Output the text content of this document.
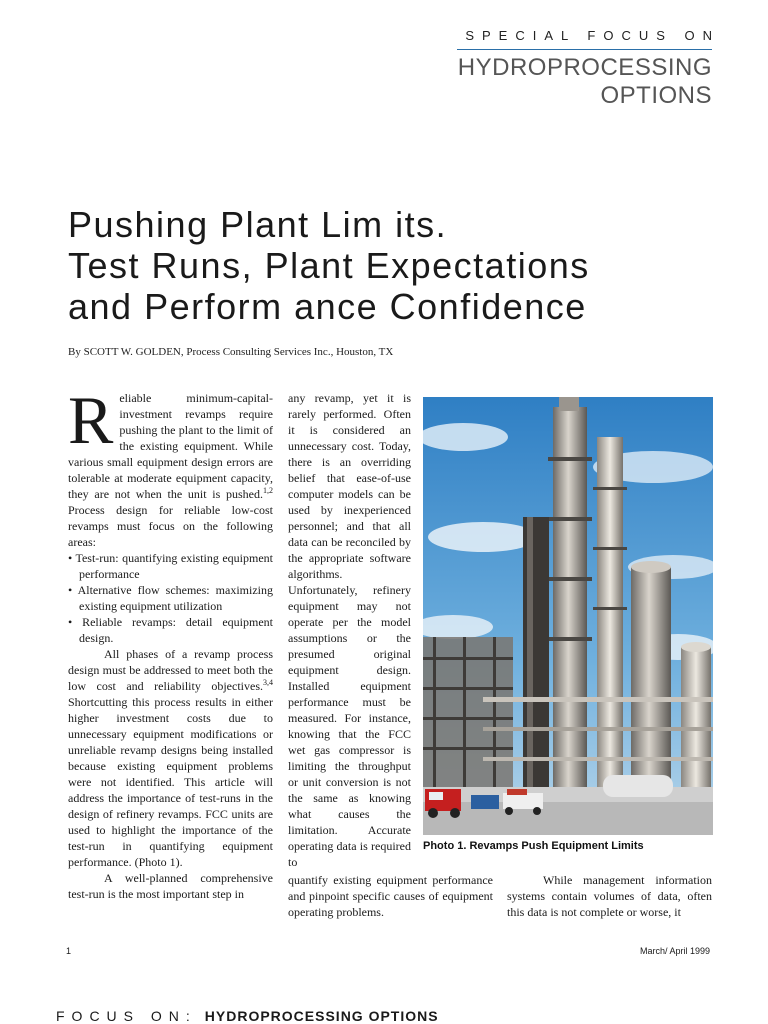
SPECIAL FOCUS ON
HYDROPROCESSING
OPTIONS
Pushing Plant Lim its.
Test Runs, Plant Expectations
and Perform ance Confidence
By SCOTT W. GOLDEN, Process Consulting Services Inc., Houston, TX

Reliable minimum-capital-investment revamps require pushing the plant to the limit of the existing equipment. While various small equipment design errors are tolerable at moderate equipment capacity, they are not when the unit is pushed.$^{1,2}$ Process design for reliable low-cost revamps must focus on the following areas:

• Test-run: quantifying existing equipment performance
• Alternative flow schemes: maximizing existing equipment utilization
• Reliable revamps: detail equipment design.

All phases of a revamp process design must be addressed to meet both the low cost and reliability objectives.$^{3,4}$ Shortcutting this process results in either higher investment costs due to unnecessary equipment modifications or unreliable revamp designs being installed because existing equipment problems were not identified. This article will address the importance of test-runs in the design of refinery revamps. FCC units are used to highlight the importance of the test-run in quantifying equipment performance. (Photo 1).

A well-planned comprehensive test-run is the most important step in

any revamp, yet it is rarely performed. Often it is considered an unnecessary cost. Today, there is an overriding belief that ease-of-use computer models can be used by inexperienced personnel; and that all data can be reconciled by the appropriate software algorithms. Unfortunately, refinery equipment may not operate per the model assumptions or the presumed original equipment design. Installed equipment performance must be measured. For instance, knowing that the FCC wet gas compressor is limiting the throughput or unit conversion is not the same as knowing what causes the limitation. Accurate operating data is required to

Photo 1. Revamps Push Equipment Limits

quantify existing equipment performance and pinpoint specific causes of equipment operating problems.

While management information systems contain volumes of data, often this data is not complete or worse, it

1	March/ April 1999
FOCUS ON: HYDROPROCESSING OPTIONS
